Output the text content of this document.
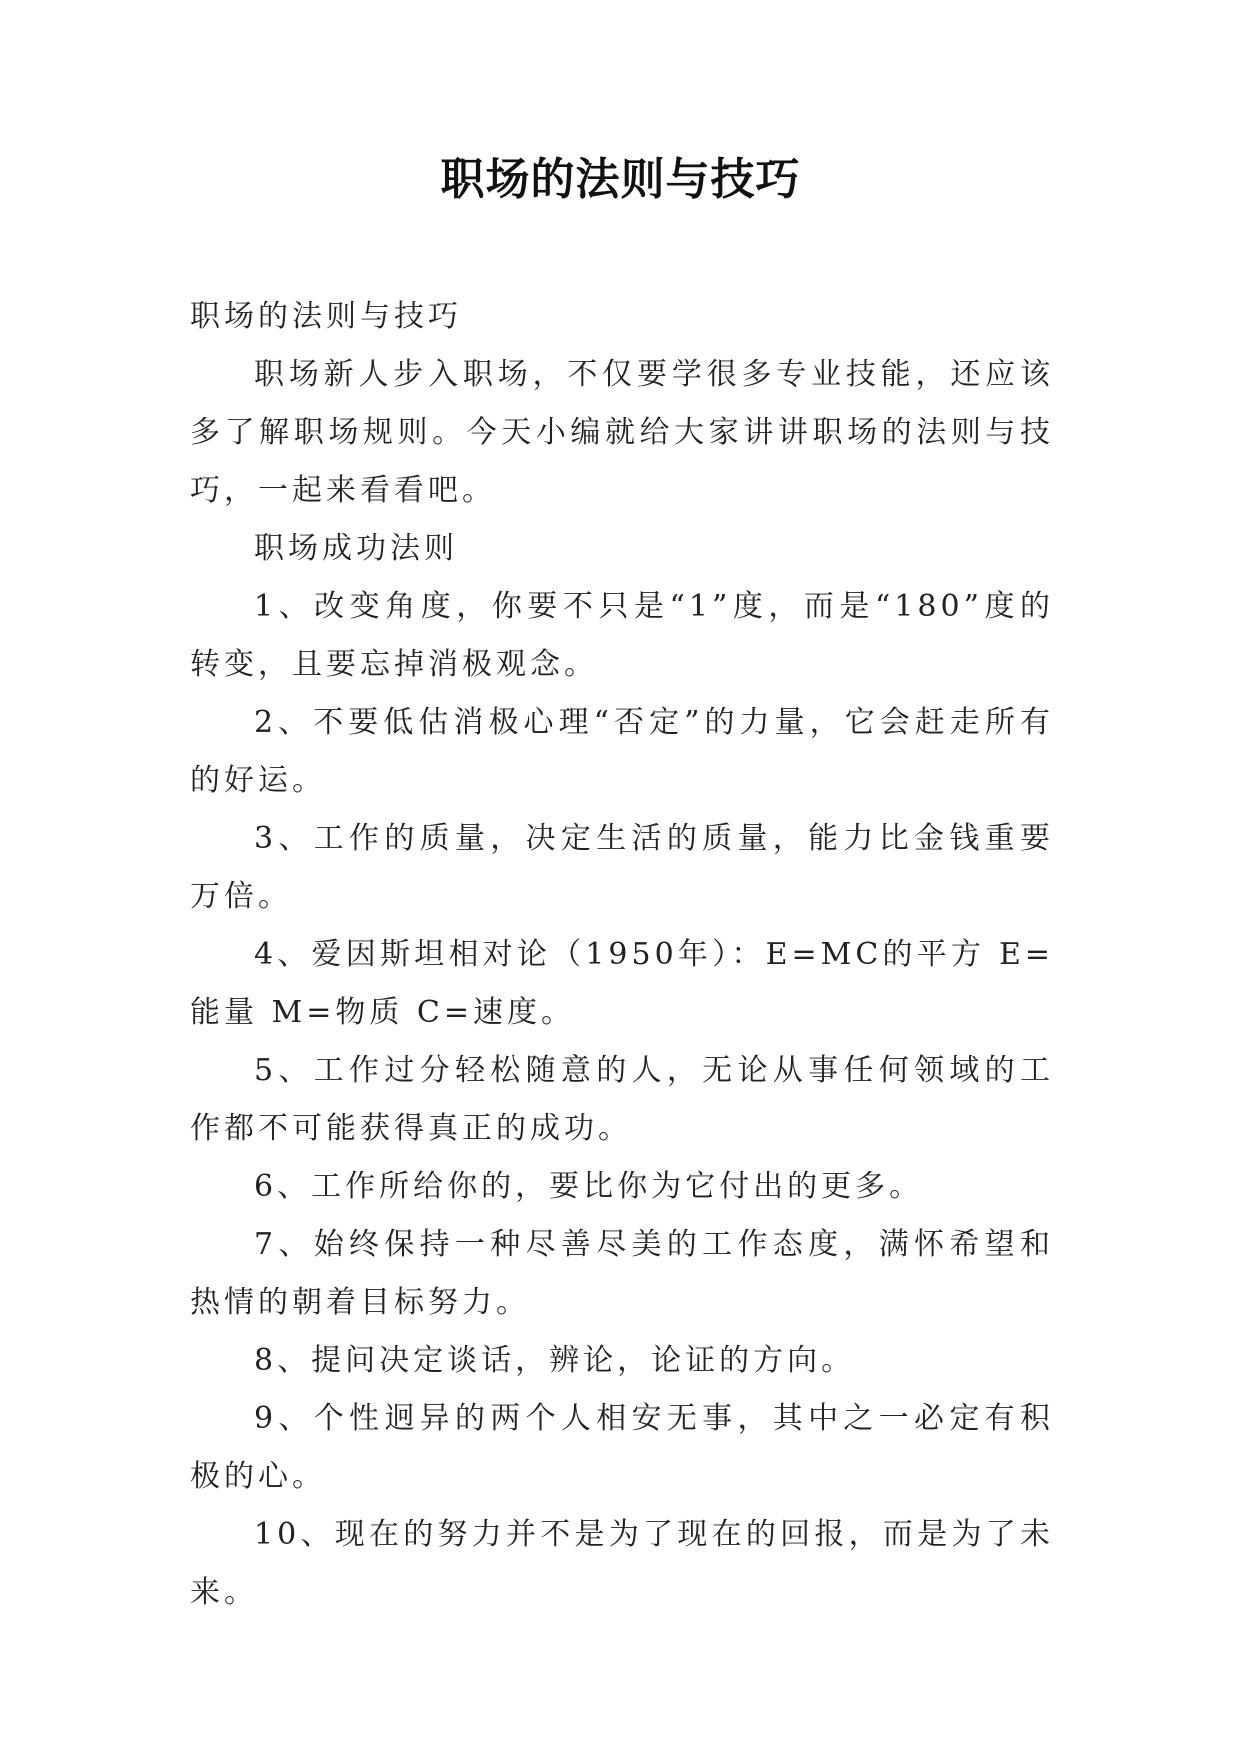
职场的法则与技巧

职场的法则与技巧

职场新人步入职场，不仅要学很多专业技能，还应该多了解职场规则。今天小编就给大家讲讲职场的法则与技巧，一起来看看吧。

职场成功法则

1、改变角度，你要不只是“1”度，而是“180”度的转变，且要忘掉消极观念。

2、不要低估消极心理“否定”的力量，它会赶走所有的好运。

3、工作的质量，决定生活的质量，能力比金钱重要万倍。

4、爱因斯坦相对论（1950年）：E=MC的平方 E=能量 M=物质 C=速度。

5、工作过分轻松随意的人，无论从事任何领域的工作都不可能获得真正的成功。

6、工作所给你的，要比你为它付出的更多。

7、始终保持一种尽善尽美的工作态度，满怀希望和热情的朝着目标努力。

8、提问决定谈话，辨论，论证的方向。

9、个性迥异的两个人相安无事，其中之一必定有积极的心。

10、现在的努力并不是为了现在的回报，而是为了未来。
